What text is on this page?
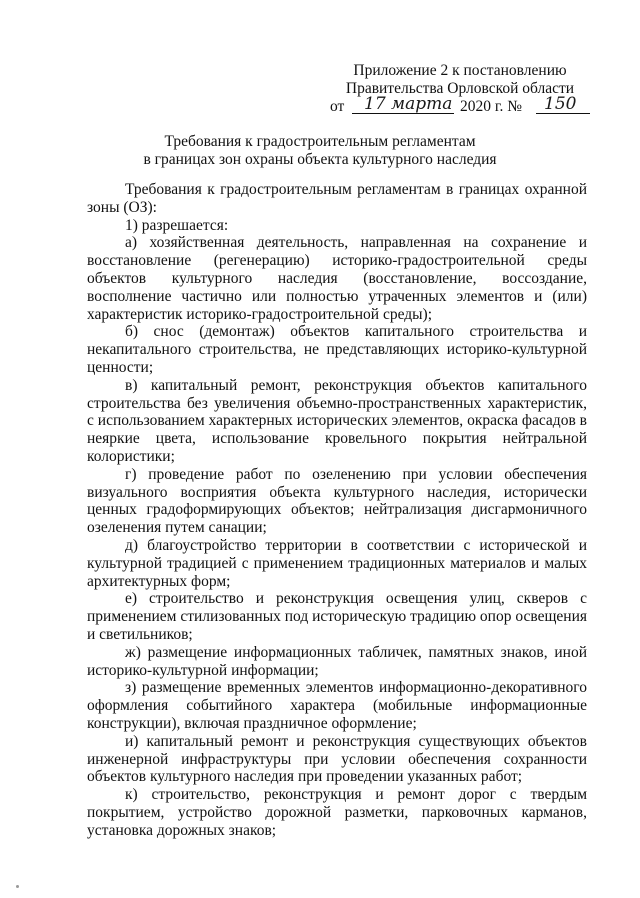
Приложение 2 к постановлению
Правительства Орловской области
от 17 марта 2020 г. № 150
Требования к градостроительным регламентам
в границах зон охраны объекта культурного наследия

Требования к градостроительным регламентам в границах охранной зоны (ОЗ):

1) разрешается:

а) хозяйственная деятельность, направленная на сохранение и восстановление (регенерацию) историко-градостроительной среды объектов культурного наследия (восстановление, воссоздание, восполнение частично или полностью утраченных элементов и (или) характеристик историко-градостроительной среды);

б) снос (демонтаж) объектов капитального строительства и некапитального строительства, не представляющих историко-культурной ценности;

в) капитальный ремонт, реконструкция объектов капитального строительства без увеличения объемно-пространственных характеристик, с использованием характерных исторических элементов, окраска фасадов в неяркие цвета, использование кровельного покрытия нейтральной колористики;

г) проведение работ по озеленению при условии обеспечения визуального восприятия объекта культурного наследия, исторически ценных градоформирующих объектов; нейтрализация дисгармоничного озеленения путем санации;

д) благоустройство территории в соответствии с исторической и культурной традицией с применением традиционных материалов и малых архитектурных форм;

е) строительство и реконструкция освещения улиц, скверов с применением стилизованных под историческую традицию опор освещения и светильников;

ж) размещение информационных табличек, памятных знаков, иной историко-культурной информации;

з) размещение временных элементов информационно-декоративного оформления событийного характера (мобильные информационные конструкции), включая праздничное оформление;

и) капитальный ремонт и реконструкция существующих объектов инженерной инфраструктуры при условии обеспечения сохранности объектов культурного наследия при проведении указанных работ;

к) строительство, реконструкция и ремонт дорог с твердым покрытием, устройство дорожной разметки, парковочных карманов, установка дорожных знаков;
